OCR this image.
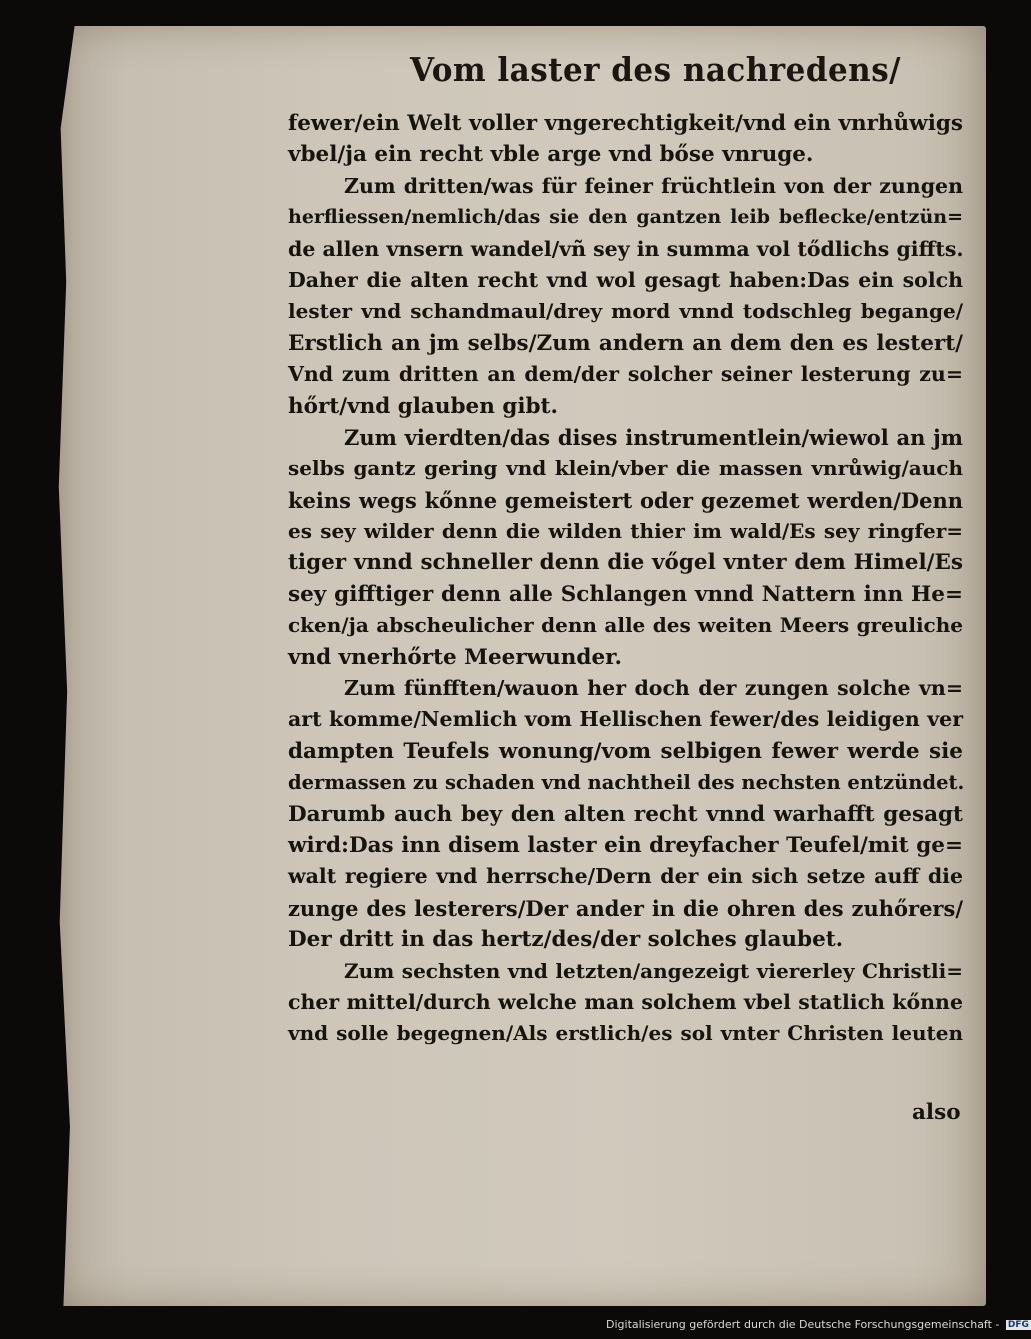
Vom laster des nachredens/
fewer/ein Welt voller vngerechtigkeit/vnd ein vnrhůwigs
vbel/ja ein recht vble arge vnd bőse vnruge.
Zum dritten/was für feiner früchtlein von der zungen
herfliessen/nemlich/das sie den gantzen leib beflecke/entzün=
de allen vnsern wandel/vñ sey in summa vol tődlichs giffts.
Daher die alten recht vnd wol gesagt haben:Das ein solch
lester vnd schandmaul/drey mord vnnd todschleg begange/
Erstlich an jm selbs/Zum andern an dem den es lestert/
Vnd zum dritten an dem/der solcher seiner lesterung zu=
hőrt/vnd glauben gibt.
Zum vierdten/das dises instrumentlein/wiewol an jm
selbs gantz gering vnd klein/vber die massen vnrůwig/auch
keins wegs kőnne gemeistert oder gezemet werden/Denn
es sey wilder denn die wilden thier im wald/Es sey ringfer=
tiger vnnd schneller denn die vőgel vnter dem Himel/Es
sey gifftiger denn alle Schlangen vnnd Nattern inn He=
cken/ja abscheulicher denn alle des weiten Meers greuliche
vnd vnerhőrte Meerwunder.
Zum fünfften/wauon her doch der zungen solche vn=
art komme/Nemlich vom Hellischen fewer/des leidigen ver
dampten Teufels wonung/vom selbigen fewer werde sie
dermassen zu schaden vnd nachtheil des nechsten entzündet.
Darumb auch bey den alten recht vnnd warhafft gesagt
wird:Das inn disem laster ein dreyfacher Teufel/mit ge=
walt regiere vnd herrsche/Dern der ein sich setze auff die
zunge des lesterers/Der ander in die ohren des zuhőrers/
Der dritt in das hertz/des/der solches glaubet.
Zum sechsten vnd letzten/angezeigt viererley Christli=
cher mittel/durch welche man solchem vbel statlich kőnne
vnd solle begegnen/Als erstlich/es sol vnter Christen leuten
also
Digitalisierung gefördert durch die Deutsche Forschungsgemeinschaft - DFG
